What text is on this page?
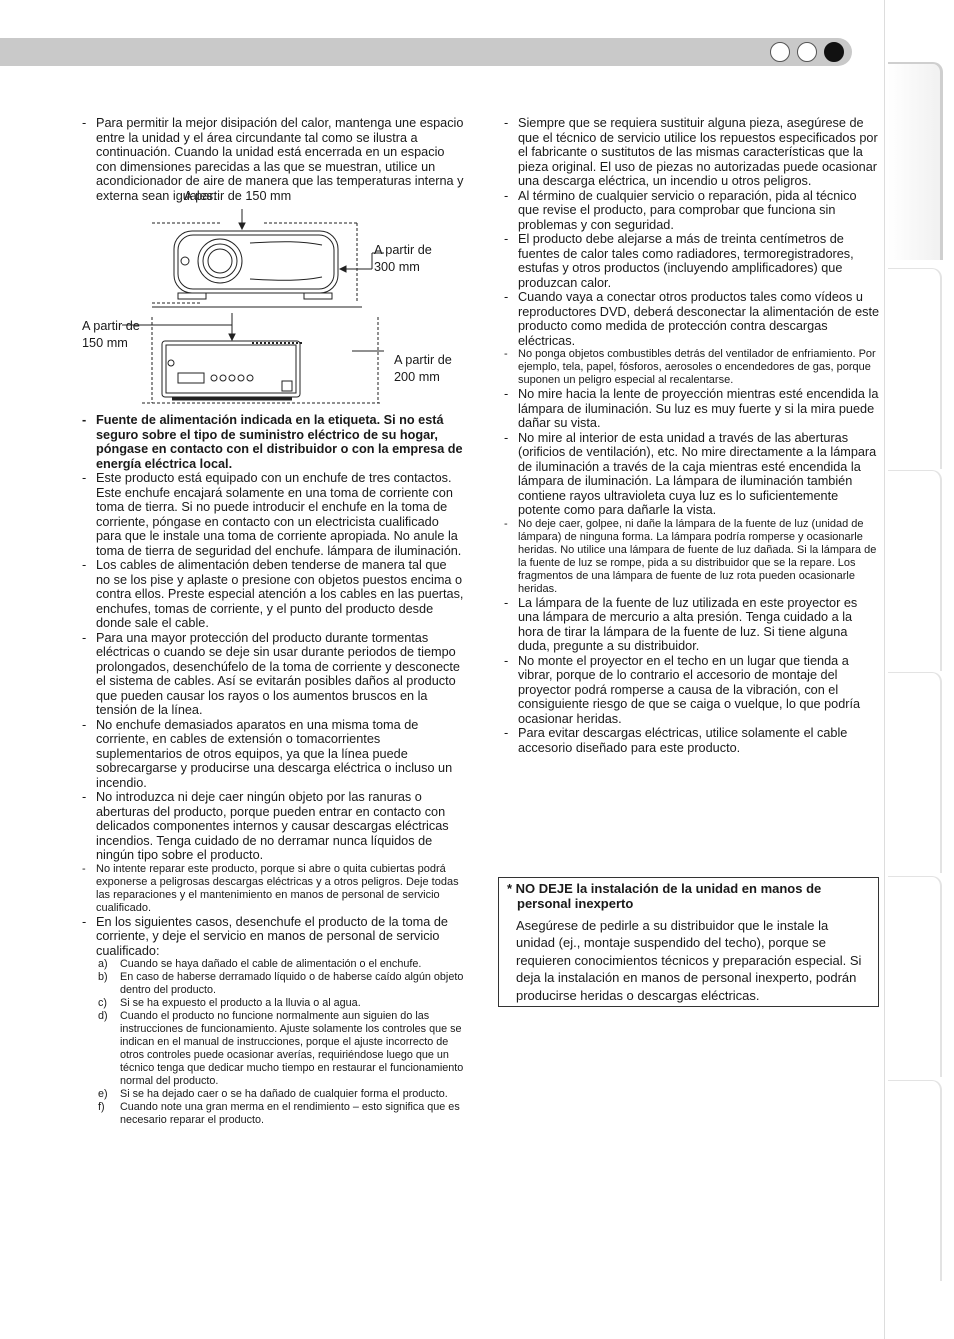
- Para permitir la mejor disipación del calor, mantenga une espacio entre la unidad y el área circundante tal como se ilustra a continuación. Cuando la unidad está encerrada en un espacio con dimensiones parecidas a las que se muestran, utilice un acondicionador de aire de manera que las temperaturas interna y externa sean iguales.

A partir de 150 mm
A partir de
300 mm
A partir de
150 mm
A partir de
200 mm

- Fuente de alimentación indicada en la etiqueta. Si no está seguro sobre el tipo de suministro eléctrico de su hogar, póngase en contacto con el distribuidor o con la empresa de energía eléctrica local.

- Este producto está equipado con un enchufe de tres contactos. Este enchufe encajará solamente en una toma de corriente con toma de tierra. Si no puede introducir el enchufe en la toma de corriente, póngase en contacto con un electricista cualificado para que le instale una toma de corriente apropiada. No anule la toma de tierra de seguridad del enchufe. lámpara de iluminación.

- Los cables de alimentación deben tenderse de manera tal que no se los pise y aplaste o presione con objetos puestos encima o contra ellos. Preste especial atención a los cables en las puertas, enchufes, tomas de corriente, y el punto del producto desde donde sale el cable.

- Para una mayor protección del producto durante tormentas eléctricas o cuando se deje sin usar durante periodos de tiempo prolongados, desenchúfelo de la toma de corriente y desconecte el sistema de cables. Así se evitarán posibles daños al producto que pueden causar los rayos o los aumentos bruscos en la tensión de la línea.

- No enchufe demasiados aparatos en una misma toma de corriente, en cables de extensión o tomacorrientes suplementarios de otros equipos, ya que la línea puede sobrecargarse y producirse una descarga eléctrica o incluso un incendio.

- No introduzca ni deje caer ningún objeto por las ranuras o aberturas del producto, porque pueden entrar en contacto con delicados componentes internos y causar descargas eléctricas incendios. Tenga cuidado de no derramar nunca líquidos de ningún tipo sobre el producto.

- No intente reparar este producto, porque si abre o quita cubiertas podrá exponerse a peligrosas descargas eléctricas y a otros peligros. Deje todas las reparaciones y el mantenimiento en manos de personal de servicio cualificado.

- En los siguientes casos, desenchufe el producto de la toma de corriente, y deje el servicio en manos de personal de servicio cualificado:

a) Cuando se haya dañado el cable de alimentación o el enchufe.

b) En caso de haberse derramado líquido o de haberse caído algún objeto dentro del producto.

c) Si se ha expuesto el producto a la lluvia o al agua.

d) Cuando el producto no funcione normalmente aun siguien do las instrucciones de funcionamiento. Ajuste solamente los controles que se indican en el manual de instrucciones, porque el ajuste incorrecto de otros controles puede ocasionar averías, requiriéndose luego que un técnico tenga que dedicar mucho tiempo en restaurar el funcionamiento normal del producto.

e) Si se ha dejado caer o se ha dañado de cualquier forma el producto.

f) Cuando note una gran merma en el rendimiento – esto significa que es necesario reparar el producto.

- Siempre que se requiera sustituir alguna pieza, asegúrese de que el técnico de servicio utilice los repuestos especificados por el fabricante o sustitutos de las mismas características que la pieza original. El uso de piezas no autorizadas puede ocasionar una descarga eléctrica, un incendio u otros peligros.

- Al término de cualquier servicio o reparación, pida al técnico que revise el producto, para comprobar que funciona sin problemas y con seguridad.

- El producto debe alejarse a más de treinta centímetros de fuentes de calor tales como radiadores, termoregistradores, estufas y otros productos (incluyendo amplificadores) que produzcan calor.

- Cuando vaya a conectar otros productos tales como vídeos u reproductores DVD, deberá desconectar la alimentación de este producto como medida de protección contra descargas eléctricas.

- No ponga objetos combustibles detrás del ventilador de enfriamiento. Por ejemplo, tela, papel, fósforos, aerosoles o encendedores de gas, porque suponen un peligro especial al recalentarse.

- No mire hacia la lente de proyección mientras esté encendida la lámpara de iluminación. Su luz es muy fuerte y si la mira puede dañar su vista.

- No mire al interior de esta unidad a través de las aberturas (orificios de ventilación), etc. No mire directamente a la lámpara de iluminación a través de la caja mientras esté encendida la lámpara de iluminación. La lámpara de iluminación también contiene rayos ultravioleta cuya luz es lo suficientemente potente como para dañarle la vista.

- No deje caer, golpee, ni dañe la lámpara de la fuente de luz (unidad de lámpara) de ninguna forma. La lámpara podría romperse y ocasionarle heridas. No utilice una lámpara de fuente de luz dañada. Si la lámpara de la fuente de luz se rompe, pida a su distribuidor que se la repare. Los fragmentos de una lámpara de fuente de luz rota pueden ocasionarle heridas.

- La lámpara de la fuente de luz utilizada en este proyector es una lámpara de mercurio a alta presión. Tenga cuidado a la hora de tirar la lámpara de la fuente de luz. Si tiene alguna duda, pregunte a su distribuidor.

- No monte el proyector en el techo en un lugar que tienda a vibrar, porque de lo contrario el accesorio de montaje del proyector podrá romperse a causa de la vibración, con el consiguiente riesgo de que se caiga o vuelque, lo que podría ocasionar heridas.

- Para evitar descargas eléctricas, utilice solamente el cable accesorio diseñado para este producto.

* NO DEJE la instalación de la unidad en manos de personal inexperto

Asegúrese de pedirle a su distribuidor que le instale la unidad (ej., montaje suspendido del techo), porque se requieren conocimientos técnicos y preparación especial. Si deja la instalación en manos de personal inexperto, podrán producirse heridas o descargas eléctricas.
